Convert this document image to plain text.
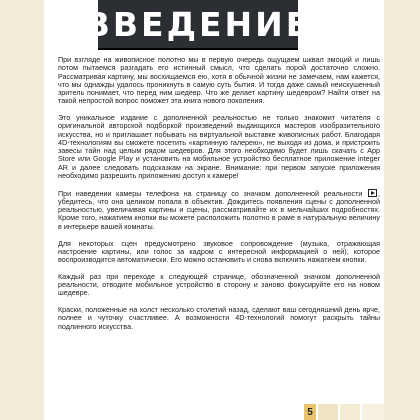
ВВЕДЕНИЕ

При взгляде на живописное полотно мы в первую очередь ощущаем шквал эмоций и лишь потом пытаемся разгадать его истинный смысл, что сделать порой достаточно сложно. Рассматривая картину, мы восхищаемся ею, хотя в обычной жизни не замечаем, нам кажется, что мы однажды удалось проникнуть в самую суть бытия. И тогда даже самый неискушенный зритель понимает, что перед ним шедевр. Что же делает картину шедевром? Найти ответ на такой непростой вопрос поможет эта книга нового поколения.

Это уникальное издание с дополненной реальностью не только знакомит читателя с оригинальной авторской подборкой произведений выдающихся мастеров изобразительного искусства, но и приглашает побывать на виртуальной выставке живописных работ. Благодаря 4D-технологиям вы сможете посетить «картинную галерею», не выходя из дома, и пристроить завесы тайн над целым рядом шедевров. Для этого необходимо будет лишь скачать с App Store или Google Play и установить на мобильное устройство бесплатное приложение integer AR и далее следовать подсказкам на экране. Внимание: при первом запуске приложения необходимо разрешить приложению доступ к камере!

При наведении камеры телефона на страницу со значком дополненной реальности , убедитесь, что она целиком попала в объектив. Дождитесь появления сцены с дополненной реальностью, увеличивая картины и сцены, рассматривайте их в мельчайших подробностях. Кроме того, нажатием кнопки вы можете расположить полотно в раме в натуральную величину в интерьере вашей комнаты.

Для некоторых сцен предусмотрено звуковое сопровождение (музыка, отражающая настроение картины, или голос за кадром с интересной информацией о ней), которое воспроизводится автоматически. Его можно остановить и снова включить нажатием кнопки.

Каждый раз при переходе к следующей странице, обозначенной значком дополненной реальности, отводите мобильное устройство в сторону и заново фокусируйте его на новом шедевре.

Краски, положенные на холст несколько столетий назад, сделают ваш сегодняшний день ярче, полнее и чуточку счастливее. А возможности 4D-технологий помогут раскрыть тайны подлинного искусства.

5
